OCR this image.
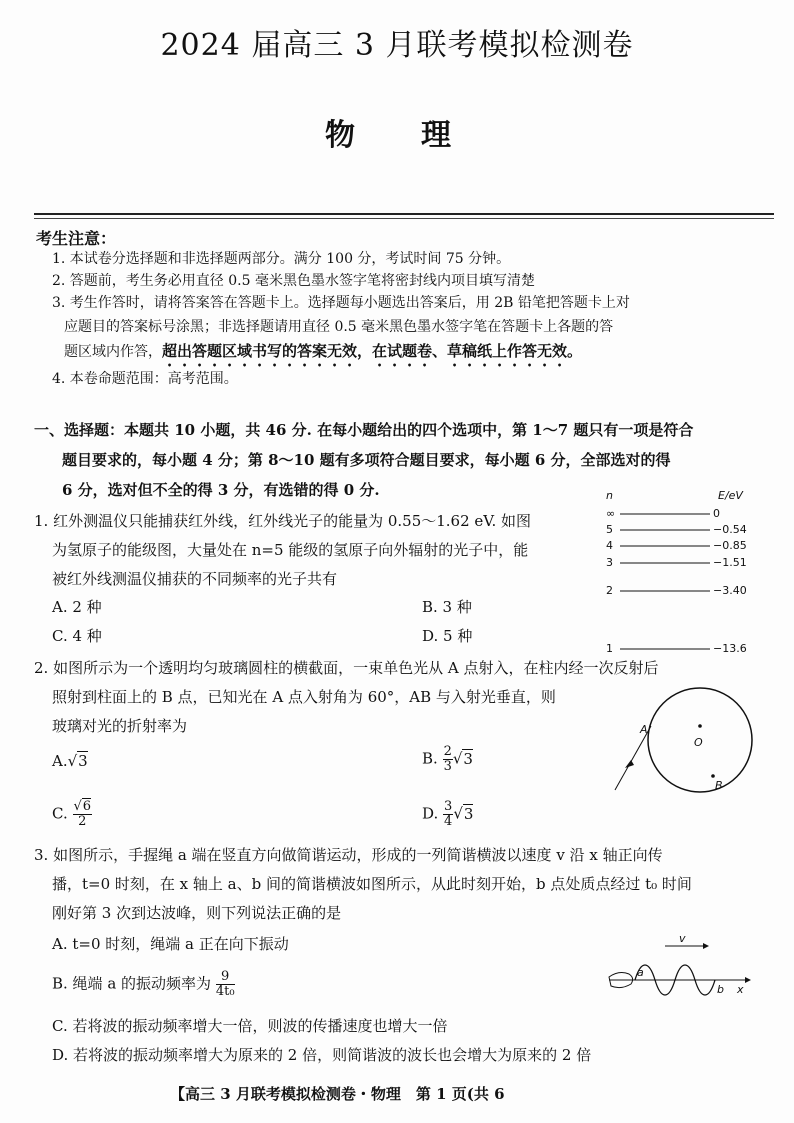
2024 届高三 3 月联考模拟检测卷
物　理
考生注意：
1. 本试卷分选择题和非选择题两部分。满分 100 分，考试时间 75 分钟。
2. 答题前，考生务必用直径 0.5 毫米黑色墨水签字笔将密封线内项目填写清楚
3. 考生作答时，请将答案答在答题卡上。选择题每小题选出答案后，用 2B 铅笔把答题卡上对
应题目的答案标号涂黑；非选择题请用直径 0.5 毫米黑色墨水签字笔在答题卡上各题的答
题区域内作答，超出答题区域书写的答案无效，在试题卷、草稿纸上作答无效。
4. 本卷命题范围：高考范围。
一、选择题：本题共 10 小题，共 46 分. 在每小题给出的四个选项中，第 1～7 题只有一项是符合
题目要求的，每小题 4 分；第 8～10 题有多项符合题目要求，每小题 6 分，全部选对的得
6 分，选对但不全的得 3 分，有选错的得 0 分.
1. 红外测温仪只能捕获红外线，红外线光子的能量为 0.55～1.62 eV. 如图
为氢原子的能级图，大量处在 n=5 能级的氢原子向外辐射的光子中，能
被红外线测温仪捕获的不同频率的光子共有
A. 2 种	B. 3 种
C. 4 种	D. 5 种
n	E/eV
∞	0
5	−0.54
4	−0.85
3	−1.51
2	−3.40
1	−13.6
2. 如图所示为一个透明均匀玻璃圆柱的横截面，一束单色光从 A 点射入，在柱内经一次反射后
照射到柱面上的 B 点，已知光在 A 点入射角为 60°，AB 与入射光垂直，则
玻璃对光的折射率为
A.√3	B. $\frac{2}{3} √3$
C. $\frac{√6}{2}$	D. $\frac{3}{4} √3$
O
A
B
3. 如图所示，手握绳 a 端在竖直方向做简谐运动，形成的一列简谐横波以速度 v 沿 x 轴正向传
播，t=0 时刻，在 x 轴上 a、b 间的简谐横波如图所示，从此时刻开始，b 点处质点经过 t₀ 时间
刚好第 3 次到达波峰，则下列说法正确的是
A. t=0 时刻，绳端 a 正在向下振动
B. 绳端 a 的振动频率为 $\frac{9}{\text{4t₀}}$
C. 若将波的振动频率增大一倍，则波的传播速度也增大一倍
D. 若将波的振动频率增大为原来的 2 倍，则简谐波的波长也会增大为原来的 2 倍
v
a
b x
【高三 3 月联考模拟检测卷・物理　第 1 页(共 6
